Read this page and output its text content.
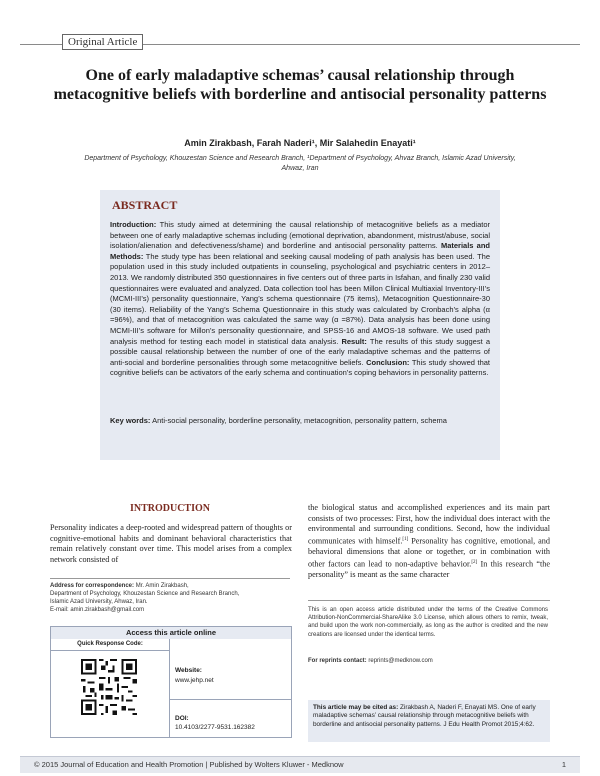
Original Article
One of early maladaptive schemas’ causal relationship through metacognitive beliefs with borderline and antisocial personality patterns
Amin Zirakbash, Farah Naderi¹, Mir Salahedin Enayati¹
Department of Psychology, Khouzestan Science and Research Branch, ¹Department of Psychology, Ahvaz Branch, Islamic Azad University, Ahwaz, Iran
ABSTRACT

Introduction: This study aimed at determining the causal relationship of metacognitive beliefs as a mediator between one of early maladaptive schemas including (emotional deprivation, abandonment, mistrust/abuse, social isolation/alienation and defectiveness/shame) and borderline and antisocial personality patterns. Materials and Methods: The study type has been relational and seeking causal modeling of path analysis has been used. The population used in this study included outpatients in counseling, psychological and psychiatric centers in 2012–2013. We randomly distributed 350 questionnaires in five centers out of three parts in Isfahan, and finally 230 valid questionnaires were evaluated and analyzed. Data collection tool has been Millon Clinical Multiaxial Inventory-III’s (MCMI-III’s) personality questionnaire, Yang’s schema questionnaire (75 items), Metacognition Questionnaire-30 (30 items). Reliability of the Yang’s Schema Questionnaire in this study was calculated by Cronbach’s alpha (α =96%), and that of metacognition was calculated the same way (α =87%). Data analysis has been done using MCMI-III’s software for Millon’s personality questionnaire, and SPSS-16 and AMOS-18 software. We used path analysis method for testing each model in statistical data analysis. Result: The results of this study suggest a possible causal relationship between the number of one of the early maladaptive schemas and the patterns of anti-social and borderline personalities through some metacognitive beliefs. Conclusion: This study showed that cognitive beliefs can be activators of the early schema and continuation’s coping behaviors in personality patterns.

Key words: Anti-social personality, borderline personality, metacognition, personality pattern, schema

INTRODUCTION

Personality indicates a deep-rooted and widespread pattern of thoughts or cognitive-emotional habits and dominant behavioral characteristics that remain relatively constant over time. This model arises from a complex network consisted of

the biological status and accomplished experiences and its main part consists of two processes: First, how the individual does interact with the environmental and surrounding conditions. Second, how the individual communicates with himself.[1] Personality has cognitive, emotional, and behavioral dimensions that alone or together, or in combination with other factors can lead to non-adaptive behavior.[2] In this research “the personality” is meant as the same character

Address for correspondence: Mr. Amin Zirakbash,
Department of Psychology, Khouzestan Science and Research Branch,
Islamic Azad University, Ahwaz, Iran.
E-mail: amin.zirakbash@gmail.com
Access this article online
Quick Response Code:
Website:
www.jehp.net
DOI:
10.4103/2277-9531.162382

This is an open access article distributed under the terms of the Creative Commons Attribution-NonCommercial-ShareAlike 3.0 License, which allows others to remix, tweak, and build upon the work non-commercially, as long as the author is credited and the new creations are licensed under the identical terms.

For reprints contact: reprints@medknow.com

This article may be cited as: Zirakbash A, Naderi F, Enayati MS. One of early maladaptive schemas’ causal relationship through metacognitive beliefs with borderline and antisocial personality patterns. J Edu Health Promot 2015;4:62.

© 2015 Journal of Education and Health Promotion | Published by Wolters Kluwer - Medknow	1
